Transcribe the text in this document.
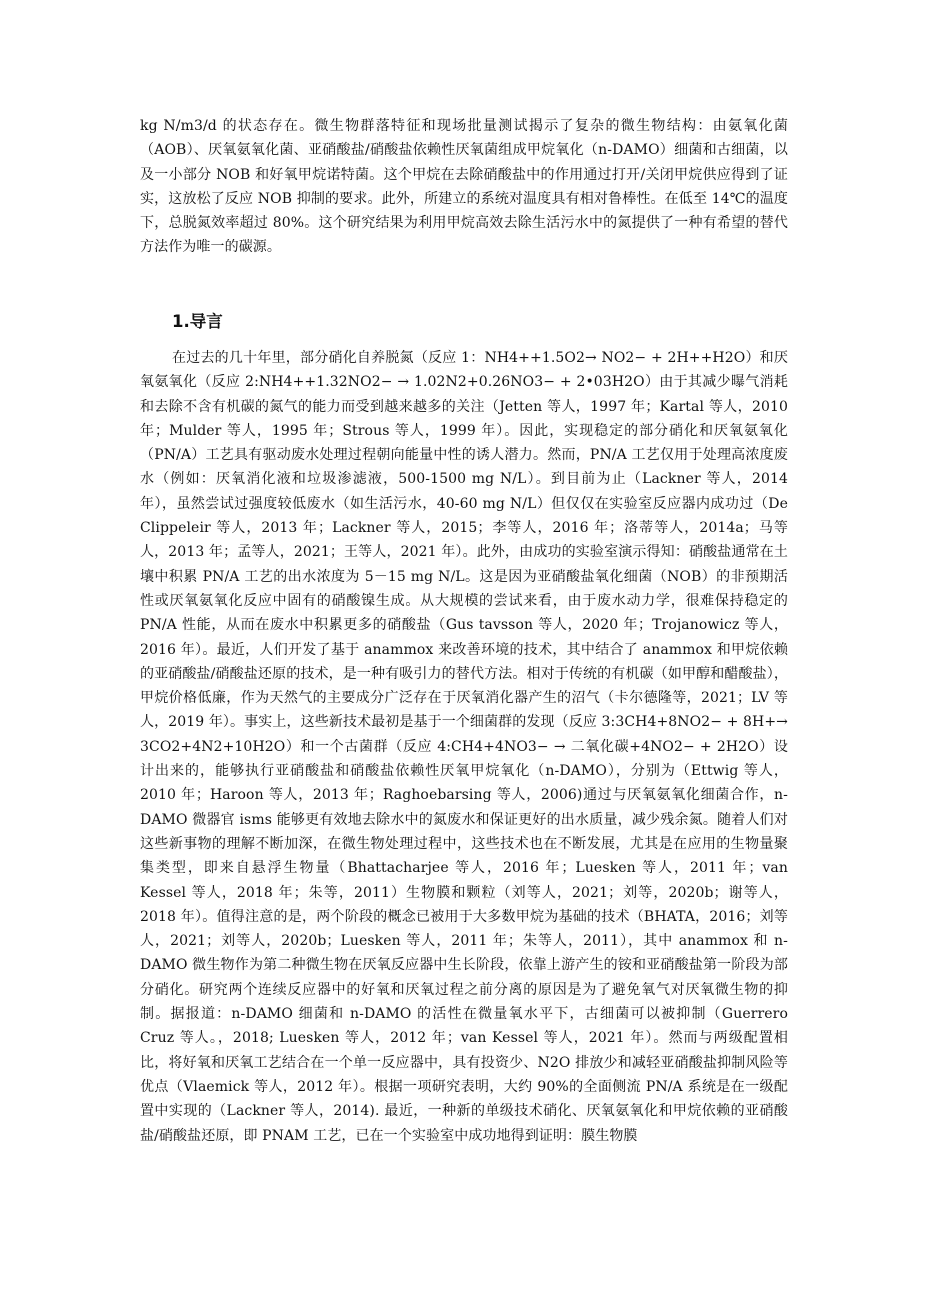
kg N/m3/d 的状态存在。微生物群落特征和现场批量测试揭示了复杂的微生物结构：由氨氧化菌（AOB）、厌氧氨氧化菌、亚硝酸盐/硝酸盐依赖性厌氧菌组成甲烷氧化（n-DAMO）细菌和古细菌，以及一小部分 NOB 和好氧甲烷诺特菌。这个甲烷在去除硝酸盐中的作用通过打开/关闭甲烷供应得到了证实，这放松了反应 NOB 抑制的要求。此外，所建立的系统对温度具有相对鲁棒性。在低至 14℃的温度下，总脱氮效率超过 80%。这个研究结果为利用甲烷高效去除生活污水中的氮提供了一种有希望的替代方法作为唯一的碳源。

1.导言

在过去的几十年里，部分硝化自养脱氮（反应 1：NH4++1.5O2→ NO2− + 2H++H2O）和厌氧氨氧化（反应 2:NH4++1.32NO2− → 1.02N2+0.26NO3− + 2•03H2O）由于其减少曝气消耗和去除不含有机碳的氮气的能力而受到越来越多的关注（Jetten 等人，1997 年；Kartal 等人，2010 年；Mulder 等人，1995 年；Strous 等人，1999 年）。因此，实现稳定的部分硝化和厌氧氨氧化（PN/A）工艺具有驱动废水处理过程朝向能量中性的诱人潜力。然而，PN/A 工艺仅用于处理高浓度废水（例如：厌氧消化液和垃圾渗滤液，500-1500 mg N/L）。到目前为止（Lackner 等人，2014 年），虽然尝试过强度较低废水（如生活污水，40-60 mg N/L）但仅仅在实验室反应器内成功过（De Clippeleir 等人，2013 年；Lackner 等人，2015；李等人，2016 年；洛蒂等人，2014a；马等人，2013 年；孟等人，2021；王等人，2021 年）。此外，由成功的实验室演示得知：硝酸盐通常在土壤中积累 PN/A 工艺的出水浓度为 5－15 mg N/L。这是因为亚硝酸盐氧化细菌（NOB）的非预期活性或厌氧氨氧化反应中固有的硝酸镍生成。从大规模的尝试来看，由于废水动力学，很难保持稳定的 PN/A 性能，从而在废水中积累更多的硝酸盐（Gus tavsson 等人，2020 年；Trojanowicz 等人，2016 年）。最近，人们开发了基于 anammox 来改善环境的技术，其中结合了 anammox 和甲烷依赖的亚硝酸盐/硝酸盐还原的技术，是一种有吸引力的替代方法。相对于传统的有机碳（如甲醇和醋酸盐），甲烷价格低廉，作为天然气的主要成分广泛存在于厌氧消化器产生的沼气（卡尔德隆等，2021；LV 等人，2019 年）。事实上，这些新技术最初是基于一个细菌群的发现（反应 3:3CH4+8NO2− + 8H+→ 3CO2+4N2+10H2O）和一个古菌群（反应 4:CH4+4NO3− → 二氧化碳+4NO2− + 2H2O）设计出来的，能够执行亚硝酸盐和硝酸盐依赖性厌氧甲烷氧化（n-DAMO），分别为（Ettwig 等人，2010 年；Haroon 等人，2013 年；Raghoebarsing 等人，2006)通过与厌氧氨氧化细菌合作，n-DAMO 微器官 isms 能够更有效地去除水中的氮废水和保证更好的出水质量，减少残余氮。随着人们对这些新事物的理解不断加深，在微生物处理过程中，这些技术也在不断发展，尤其是在应用的生物量聚集类型，即来自悬浮生物量（Bhattacharjee 等人，2016 年；Luesken 等人，2011 年；van Kessel 等人，2018 年；朱等，2011）生物膜和颗粒（刘等人，2021；刘等，2020b；谢等人，2018 年）。值得注意的是，两个阶段的概念已被用于大多数甲烷为基础的技术（BHATA，2016；刘等人，2021；刘等人，2020b；Luesken 等人，2011 年；朱等人，2011），其中 anammox 和 n-DAMO 微生物作为第二种微生物在厌氧反应器中生长阶段，依靠上游产生的铵和亚硝酸盐第一阶段为部分硝化。研究两个连续反应器中的好氧和厌氧过程之前分离的原因是为了避免氧气对厌氧微生物的抑制。据报道：n-DAMO 细菌和 n-DAMO 的活性在微量氧水平下，古细菌可以被抑制（Guerrero Cruz 等人。，2018; Luesken 等人，2012 年；van Kessel 等人，2021 年）。然而与两级配置相比，将好氧和厌氧工艺结合在一个单一反应器中，具有投资少、N2O 排放少和减轻亚硝酸盐抑制风险等优点（Vlaemick 等人，2012 年）。根据一项研究表明，大约 90%的全面侧流 PN/A 系统是在一级配置中实现的（Lackner 等人，2014). 最近，一种新的单级技术硝化、厌氧氨氧化和甲烷依赖的亚硝酸盐/硝酸盐还原，即 PNAM 工艺，已在一个实验室中成功地得到证明：膜生物膜
